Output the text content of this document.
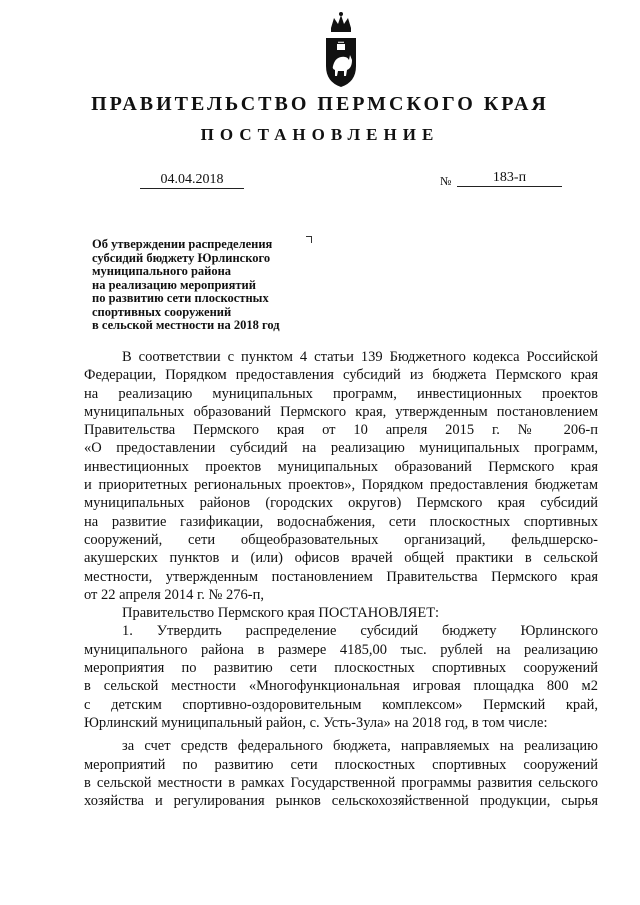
ПРАВИТЕЛЬСТВО ПЕРМСКОГО КРАЯ
ПОСТАНОВЛЕНИЕ
04.04.2018	№	183-п
Об утверждении распределения
субсидий бюджету Юрлинского
муниципального района
на реализацию мероприятий
по развитию сети плоскостных
спортивных сооружений
в сельской местности на 2018 год
В соответствии с пунктом 4 статьи 139 Бюджетного кодекса Российской
Федерации, Порядком предоставления субсидий из бюджета Пермского края
на реализацию муниципальных программ, инвестиционных проектов
муниципальных образований Пермского края, утвержденным постановлением
Правительства Пермского края от 10 апреля 2015 г. № 206-п
«О предоставлении субсидий на реализацию муниципальных программ,
инвестиционных проектов муниципальных образований Пермского края
и приоритетных региональных проектов», Порядком предоставления бюджетам
муниципальных районов (городских округов) Пермского края субсидий
на развитие газификации, водоснабжения, сети плоскостных спортивных
сооружений, сети общеобразовательных организаций, фельдшерско-
акушерских пунктов и (или) офисов врачей общей практики в сельской
местности, утвержденным постановлением Правительства Пермского края
от 22 апреля 2014 г. № 276-п,
Правительство Пермского края ПОСТАНОВЛЯЕТ:
1. Утвердить распределение субсидий бюджету Юрлинского
муниципального района в размере 4185,00 тыс. рублей на реализацию
мероприятия по развитию сети плоскостных спортивных сооружений
в сельской местности «Многофункциональная игровая площадка 800 м2
с детским спортивно-оздоровительным комплексом» Пермский край,
Юрлинский муниципальный район, с. Усть-Зула» на 2018 год, в том числе:
за счет средств федерального бюджета, направляемых на реализацию
мероприятий по развитию сети плоскостных спортивных сооружений
в сельской местности в рамках Государственной программы развития сельского
хозяйства и регулирования рынков сельскохозяйственной продукции, сырья
